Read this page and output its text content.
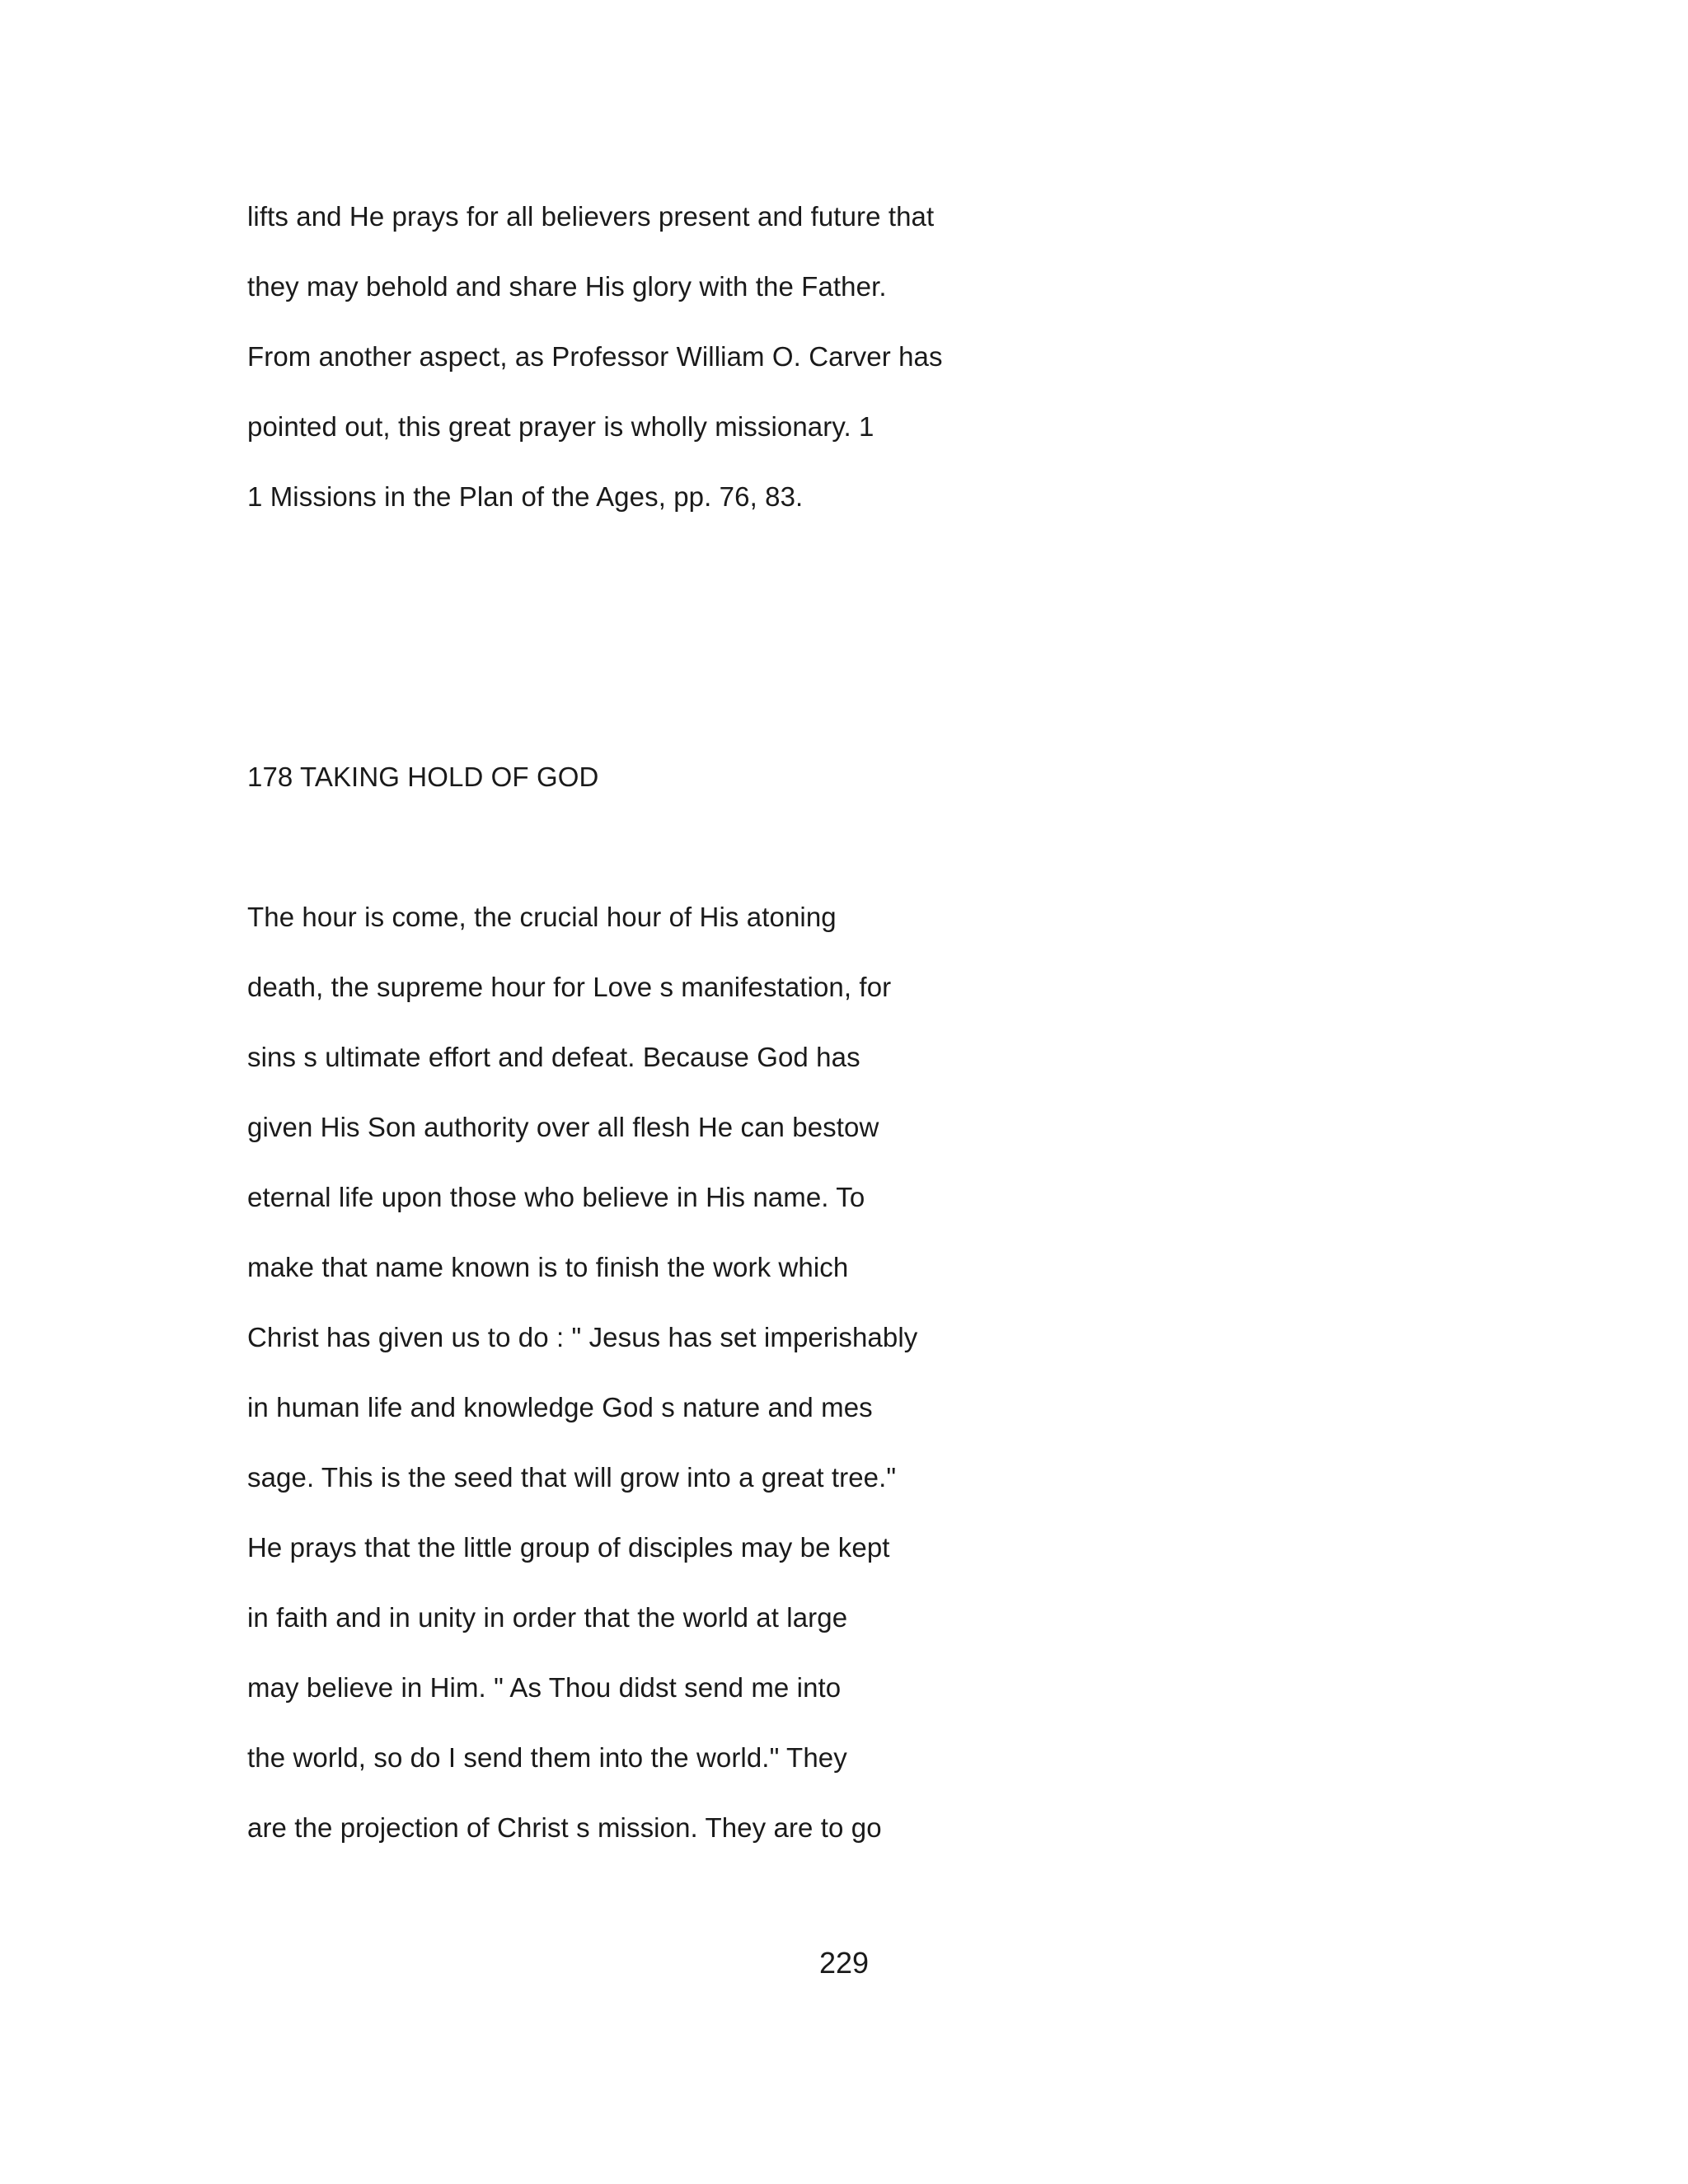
lifts and He prays for all believers present and future that
they may behold and share His glory with the Father.
From another aspect, as Professor William O. Carver has
pointed out, this great prayer is wholly missionary. 1
1 Missions in the Plan of the Ages, pp. 76, 83.
178 TAKING HOLD OF GOD
The hour is come, the crucial hour of His atoning
death, the supreme hour for Love s manifestation, for
sins s ultimate effort and defeat. Because God has
given His Son authority over all flesh He can bestow
eternal life upon those who believe in His name. To
make that name known is to finish the work which
Christ has given us to do : " Jesus has set imperishably
in human life and knowledge God s nature and mes
sage. This is the seed that will grow into a great tree."
He prays that the little group of disciples may be kept
in faith and in unity in order that the world at large
may believe in Him. " As Thou didst send me into
the world, so do I send them into the world." They
are the projection of Christ s mission. They are to go
229
